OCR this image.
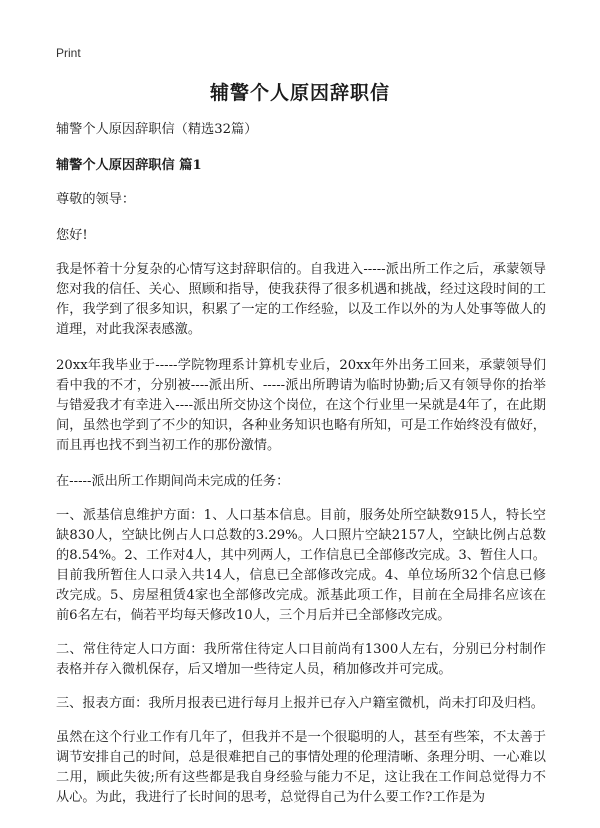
Print
辅警个人原因辞职信

辅警个人原因辞职信（精选32篇）

辅警个人原因辞职信 篇1

尊敬的领导：

您好!

我是怀着十分复杂的心情写这封辞职信的。自我进入-----派出所工作之后，承蒙领导您对我的信任、关心、照顾和指导，使我获得了很多机遇和挑战，经过这段时间的工作，我学到了很多知识，积累了一定的工作经验，以及工作以外的为人处事等做人的道理，对此我深表感激。

20xx年我毕业于-----学院物理系计算机专业后，20xx年外出务工回来，承蒙领导们看中我的不才，分别被----派出所、-----派出所聘请为临时协勤;后又有领导你的抬举与错爱我才有幸进入----派出所交协这个岗位，在这个行业里一呆就是4年了，在此期间，虽然也学到了不少的知识，各种业务知识也略有所知，可是工作始终没有做好，而且再也找不到当初工作的那份激情。

在-----派出所工作期间尚未完成的任务：

一、派基信息维护方面：1、人口基本信息。目前，服务处所空缺数915人，特长空缺830人，空缺比例占人口总数的3.29%。人口照片空缺2157人，空缺比例占总数的8.54%。2、工作对4人，其中列两人，工作信息已全部修改完成。3、暂住人口。目前我所暂住人口录入共14人，信息已全部修改完成。4、单位场所32个信息已修改完成。5、房屋租赁4家也全部修改完成。派基此项工作，目前在全局排名应该在前6名左右，倘若平均每天修改10人，三个月后并已全部修改完成。

二、常住待定人口方面：我所常住待定人口目前尚有1300人左右，分别已分村制作表格并存入微机保存，后又增加一些待定人员，稍加修改并可完成。

三、报表方面：我所月报表已进行每月上报并已存入户籍室微机，尚未打印及归档。

虽然在这个行业工作有几年了，但我并不是一个很聪明的人，甚至有些笨，不太善于调节安排自己的时间，总是很难把自己的事情处理的伦理清晰、条理分明、一心难以二用，顾此失彼;所有这些都是我自身经验与能力不足，这让我在工作间总觉得力不从心。为此，我进行了长时间的思考，总觉得自己为什么要工作?工作是为
